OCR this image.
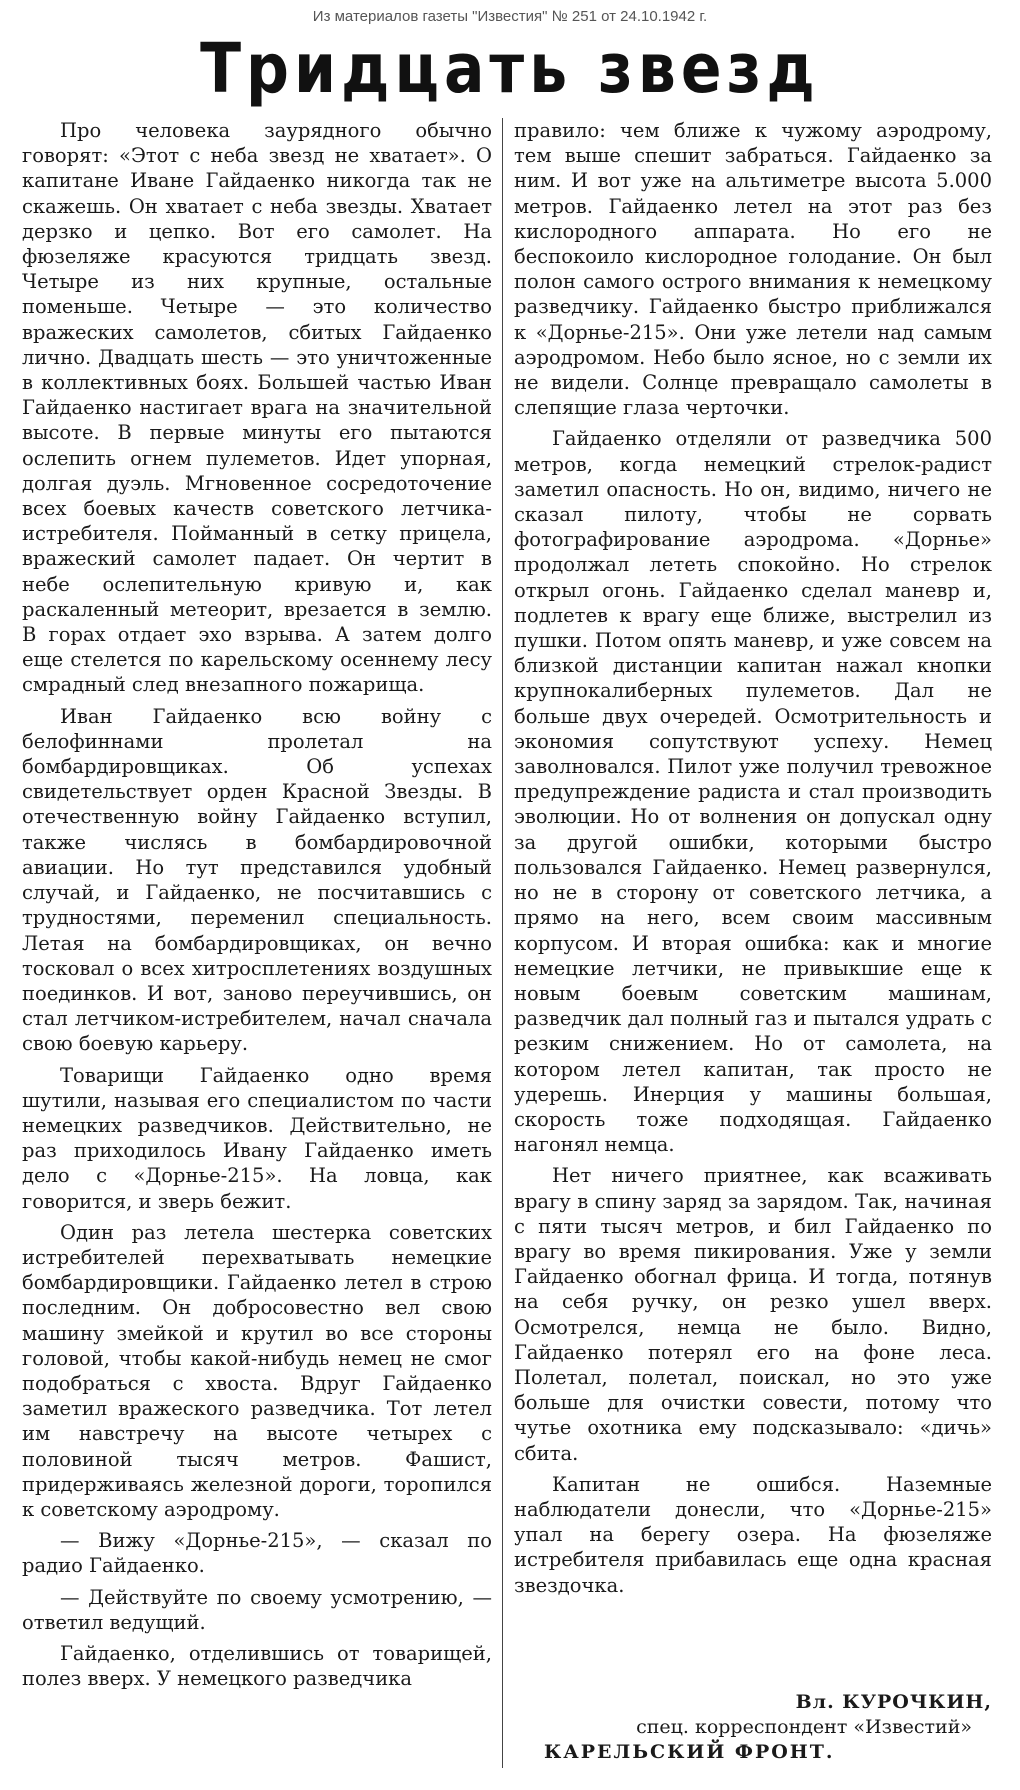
Из материалов газеты "Известия" № 251 от 24.10.1942 г.
Тридцать звезд

Про человека заурядного обычно говорят: «Этот с неба звезд не хватает». О капитане Иване Гайдаенко никогда так не скажешь. Он хватает с неба звезды. Хватает дерзко и цепко. Вот его самолет. На фюзеляже красуются тридцать звезд. Четыре из них крупные, остальные поменьше. Четыре — это количество вражеских самолетов, сбитых Гайдаенко лично. Двадцать шесть — это уничтоженные в коллективных боях. Большей частью Иван Гайдаенко настигает врага на значительной высоте. В первые минуты его пытаются ослепить огнем пулеметов. Идет упорная, долгая дуэль. Мгновенное сосредоточение всех боевых качеств советского летчика-истребителя. Пойманный в сетку прицела, вражеский самолет падает. Он чертит в небе ослепительную кривую и, как раскаленный метеорит, врезается в землю. В горах отдает эхо взрыва. А затем долго еще стелется по карельскому осеннему лесу смрадный след внезапного пожарища.

Иван Гайдаенко всю войну с белофиннами пролетал на бомбардировщиках. Об успехах свидетельствует орден Красной Звезды. В отечественную войну Гайдаенко вступил, также числясь в бомбардировочной авиации. Но тут представился удобный случай, и Гайдаенко, не посчитавшись с трудностями, переменил специальность. Летая на бомбардировщиках, он вечно тосковал о всех хитросплетениях воздушных поединков. И вот, заново переучившись, он стал летчиком-истребителем, начал сначала свою боевую карьеру.

Товарищи Гайдаенко одно время шутили, называя его специалистом по части немецких разведчиков. Действительно, не раз приходилось Ивану Гайдаенко иметь дело с «Дорнье-215». На ловца, как говорится, и зверь бежит.

Один раз летела шестерка советских истребителей перехватывать немецкие бомбардировщики. Гайдаенко летел в строю последним. Он добросовестно вел свою машину змейкой и крутил во все стороны головой, чтобы какой-нибудь немец не смог подобраться с хвоста. Вдруг Гайдаенко заметил вражеского разведчика. Тот летел им навстречу на высоте четырех с половиной тысяч метров. Фашист, придерживаясь железной дороги, торопился к советскому аэродрому.

— Вижу «Дорнье-215», — сказал по радио Гайдаенко.

— Действуйте по своему усмотрению, — ответил ведущий.

Гайдаенко, отделившись от товарищей, полез вверх. У немецкого разведчика

правило: чем ближе к чужому аэродрому, тем выше спешит забраться. Гайдаенко за ним. И вот уже на альтиметре высота 5.000 метров. Гайдаенко летел на этот раз без кислородного аппарата. Но его не беспокоило кислородное голодание. Он был полон самого острого внимания к немецкому разведчику. Гайдаенко быстро приближался к «Дорнье-215». Они уже летели над самым аэродромом. Небо было ясное, но с земли их не видели. Солнце превращало самолеты в слепящие глаза черточки.

Гайдаенко отделяли от разведчика 500 метров, когда немецкий стрелок-радист заметил опасность. Но он, видимо, ничего не сказал пилоту, чтобы не сорвать фотографирование аэродрома. «Дорнье» продолжал лететь спокойно. Но стрелок открыл огонь. Гайдаенко сделал маневр и, подлетев к врагу еще ближе, выстрелил из пушки. Потом опять маневр, и уже совсем на близкой дистанции капитан нажал кнопки крупнокалиберных пулеметов. Дал не больше двух очередей. Осмотрительность и экономия сопутствуют успеху. Немец заволновался. Пилот уже получил тревожное предупреждение радиста и стал производить эволюции. Но от волнения он допускал одну за другой ошибки, которыми быстро пользовался Гайдаенко. Немец развернулся, но не в сторону от советского летчика, а прямо на него, всем своим массивным корпусом. И вторая ошибка: как и многие немецкие летчики, не привыкшие еще к новым боевым советским машинам, разведчик дал полный газ и пытался удрать с резким снижением. Но от самолета, на котором летел капитан, так просто не удерешь. Инерция у машины большая, скорость тоже подходящая. Гайдаенко нагонял немца.

Нет ничего приятнее, как всаживать врагу в спину заряд за зарядом. Так, начиная с пяти тысяч метров, и бил Гайдаенко по врагу во время пикирования. Уже у земли Гайдаенко обогнал фрица. И тогда, потянув на себя ручку, он резко ушел вверх. Осмотрелся, немца не было. Видно, Гайдаенко потерял его на фоне леса. Полетал, полетал, поискал, но это уже больше для очистки совести, потому что чутье охотника ему подсказывало: «дичь» сбита.

Капитан не ошибся. Наземные наблюдатели донесли, что «Дорнье-215» упал на берегу озера. На фюзеляже истребителя прибавилась еще одна красная звездочка.

Вл. КУРОЧКИН,
спец. корреспондент «Известий»
КАРЕЛЬСКИЙ ФРОНТ.
